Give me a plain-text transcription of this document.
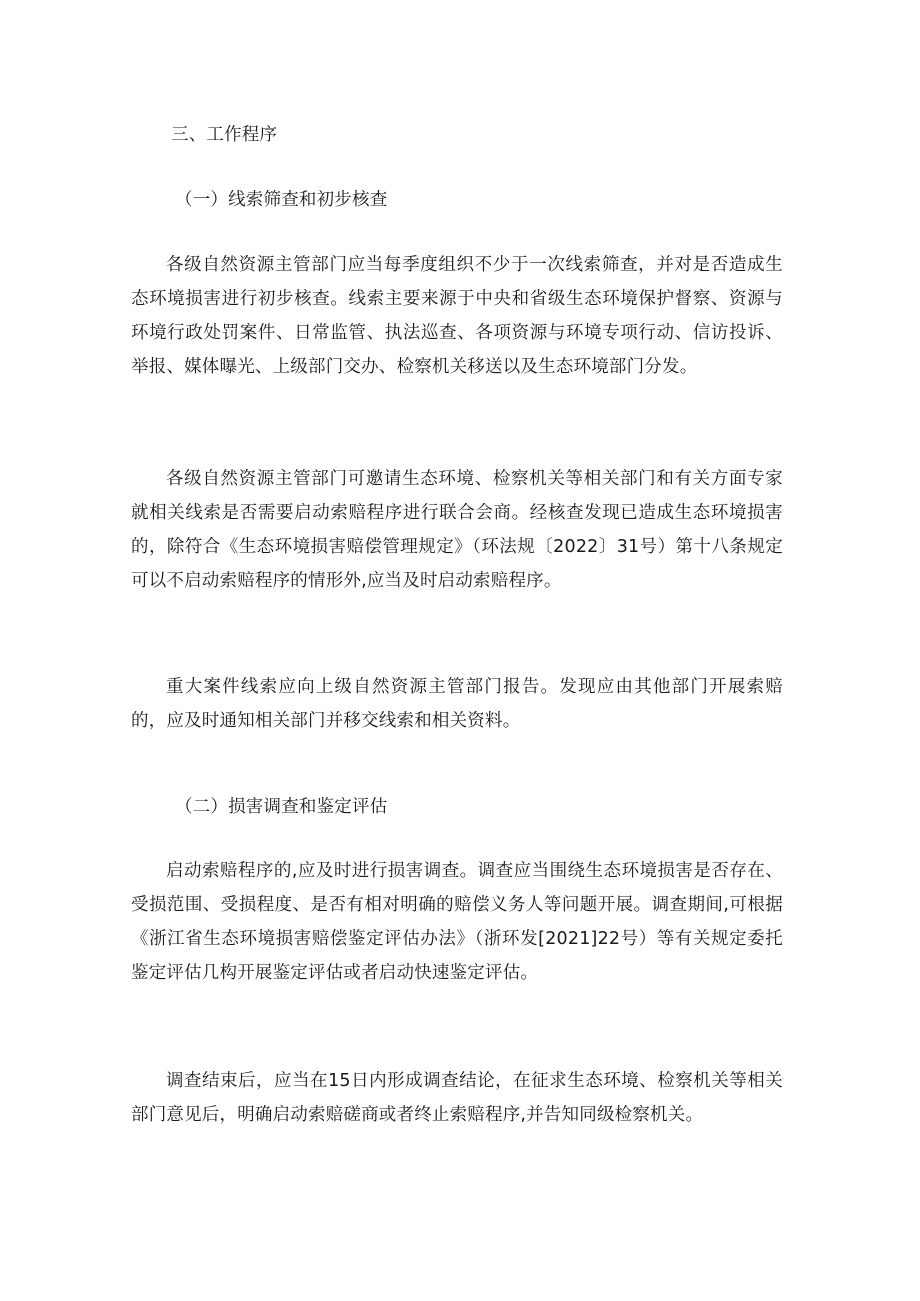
三、工作程序
（一）线索筛查和初步核查

各级自然资源主管部门应当每季度组织不少于一次线索筛查，并对是否造成生态环境损害进行初步核查。线索主要来源于中央和省级生态环境保护督察、资源与环境行政处罚案件、日常监管、执法巡查、各项资源与环境专项行动、信访投诉、举报、媒体曝光、上级部门交办、检察机关移送以及生态环境部门分发。

各级自然资源主管部门可邀请生态环境、检察机关等相关部门和有关方面专家就相关线索是否需要启动索赔程序进行联合会商。经核查发现已造成生态环境损害的，除符合《生态环境损害赔偿管理规定》（环法规〔2022〕31号）第十八条规定可以不启动索赔程序的情形外,应当及时启动索赔程序。

重大案件线索应向上级自然资源主管部门报告。发现应由其他部门开展索赔的，应及时通知相关部门并移交线索和相关资料。

（二）损害调查和鉴定评估

启动索赔程序的,应及时进行损害调查。调查应当围绕生态环境损害是否存在、受损范围、受损程度、是否有相对明确的赔偿义务人等问题开展。调查期间,可根据《浙江省生态环境损害赔偿鉴定评估办法》（浙环发[2021]22号）等有关规定委托鉴定评估几构开展鉴定评估或者启动快速鉴定评估。

调查结束后，应当在15日内形成调查结论，在征求生态环境、检察机关等相关部门意见后，明确启动索赔磋商或者终止索赔程序,并告知同级检察机关。
